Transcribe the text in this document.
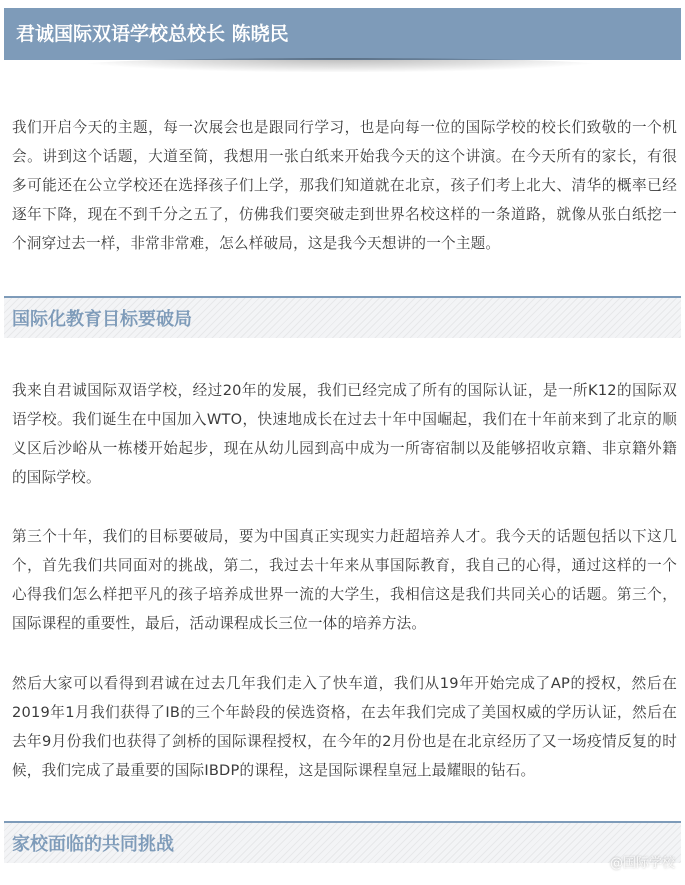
君诚国际双语学校总校长 陈晓民

我们开启今天的主题，每一次展会也是跟同行学习，也是向每一位的国际学校的校长们致敬的一个机会。讲到这个话题，大道至简，我想用一张白纸来开始我今天的这个讲演。在今天所有的家长，有很多可能还在公立学校还在选择孩子们上学，那我们知道就在北京，孩子们考上北大、清华的概率已经逐年下降，现在不到千分之五了，仿佛我们要突破走到世界名校这样的一条道路，就像从张白纸挖一个洞穿过去一样，非常非常难，怎么样破局，这是我今天想讲的一个主题。

国际化教育目标要破局

我来自君诚国际双语学校，经过20年的发展，我们已经完成了所有的国际认证，是一所K12的国际双语学校。我们诞生在中国加入WTO，快速地成长在过去十年中国崛起，我们在十年前来到了北京的顺义区后沙峪从一栋楼开始起步，现在从幼儿园到高中成为一所寄宿制以及能够招收京籍、非京籍外籍的国际学校。

第三个十年，我们的目标要破局，要为中国真正实现实力赶超培养人才。我今天的话题包括以下这几个，首先我们共同面对的挑战，第二，我过去十年来从事国际教育，我自己的心得，通过这样的一个心得我们怎么样把平凡的孩子培养成世界一流的大学生，我相信这是我们共同关心的话题。第三个，国际课程的重要性，最后，活动课程成长三位一体的培养方法。

然后大家可以看得到君诚在过去几年我们走入了快车道，我们从19年开始完成了AP的授权，然后在2019年1月我们获得了IB的三个年龄段的侯选资格，在去年我们完成了美国权威的学历认证，然后在去年9月份我们也获得了剑桥的国际课程授权，在今年的2月份也是在北京经历了又一场疫情反复的时候，我们完成了最重要的国际IBDP的课程，这是国际课程皇冠上最耀眼的钻石。

家校面临的共同挑战
@国际学校
